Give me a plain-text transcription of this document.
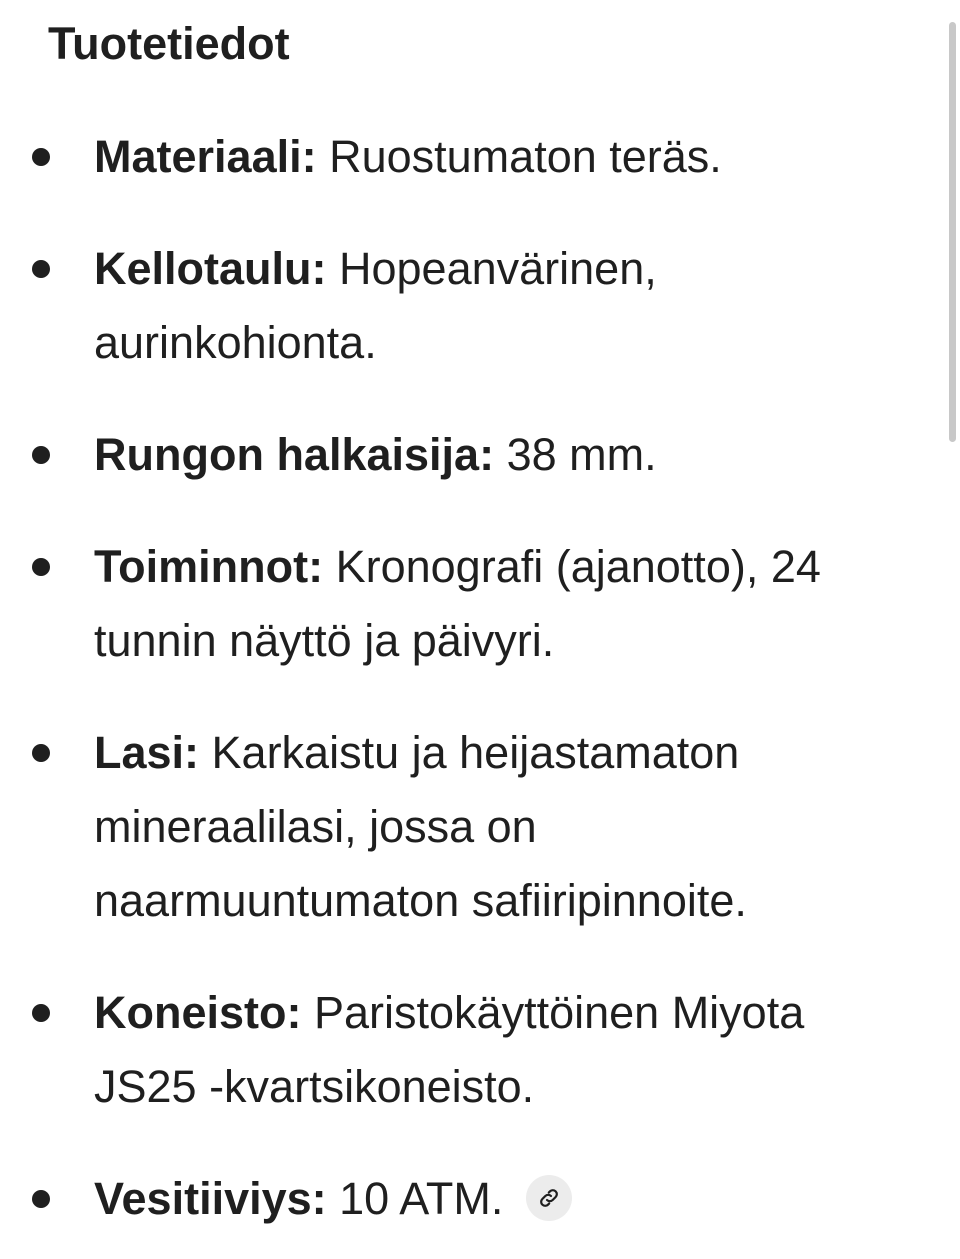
Tuotetiedot
Materiaali: Ruostumaton teräs.
Kellotaulu: Hopeanvärinen, aurinkohionta.
Rungon halkaisija: 38 mm.
Toiminnot: Kronografi (ajanotto), 24 tunnin näyttö ja päivyri.
Lasi: Karkaistu ja heijastamaton mineraalilasi, jossa on naarmuuntumaton safiiripinnoite.
Koneisto: Paristokäyttöinen Miyota JS25 -kvartsikoneisto.
Vesitiiviys: 10 ATM.
